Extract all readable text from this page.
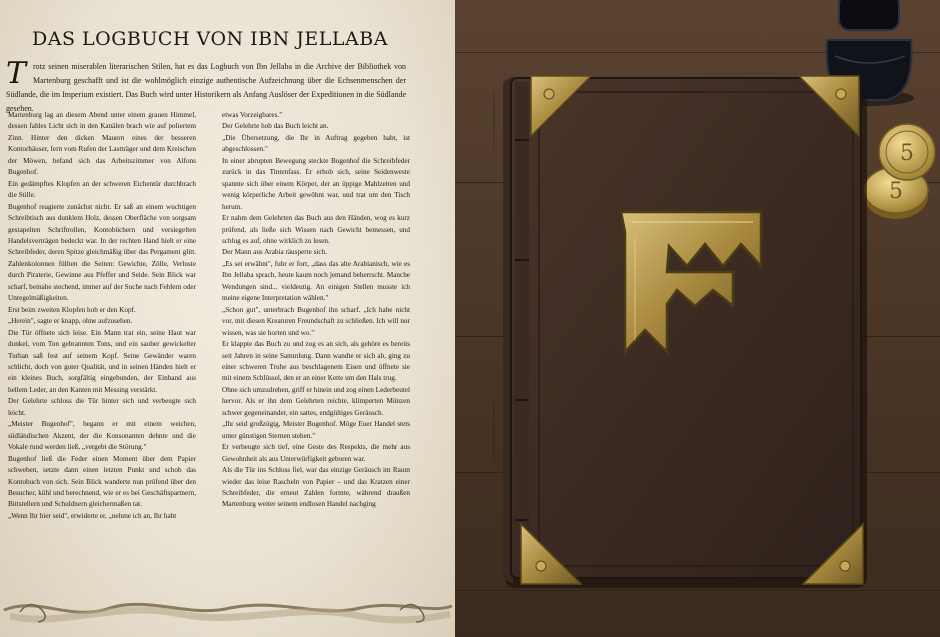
DAS LOGBUCH VON IBN JELLABA
T rotz seinen miserablen literarischen Stilen, hat es das Logbuch von Ibn Jellaba in die Archive der Bibliothek von Martenburg geschafft und ist die wohlmöglich einzige authentische Aufzeichnung über die Echsenmenschen der Südlande, die im Imperium existiert. Das Buch wird unter Historikern als Anfang Auslöser der Expeditionen in die Südlande gesehen.

Martenburg lag an diesem Abend unter einem grauen Himmel, dessen fahles Licht sich in den Kanälen brach wie auf poliertem Zinn. Hinter den dicken Mauern eines der besseren Kontorhäuser, fern vom Rufen der Lastträger und dem Kreischen der Möwen, befand sich das Arbeitszimmer von Alfons Bugenhof.

Ein gedämpftes Klopfen an der schweren Eichentür durchbrach die Stille.

Bugenhof reagierte zunächst nicht. Er saß an einem wuchtigen Schreibtisch aus dunklem Holz, dessen Oberfläche von sorgsam gestapelten Schriftrollen, Kontobüchern und versiegelten Handelsverträgen bedeckt war. In der rechten Hand hielt er eine Schreibfeder, deren Spitze gleichmäßig über das Pergament glitt. Zahlenkolonnen füllten die Seiten: Gewichte, Zölle, Verluste durch Piraterie, Gewinne aus Pfeffer und Seide. Sein Blick war scharf, beinahe stechend, immer auf der Suche nach Fehlern oder Unregelmäßigkeiten.

Erst beim zweiten Klopfen hob er den Kopf.

„Herein", sagte er knapp, ohne aufzusehen.

Die Tür öffnete sich leise. Ein Mann trat ein, seine Haut war dunkel, vom Ton gebrannten Tons, und ein sauber gewickelter Turban saß fest auf seinem Kopf. Seine Gewänder waren schlicht, doch von guter Qualität, und in seinen Händen hielt er ein kleines Buch, sorgfältig eingebunden, der Einband aus hellem Leder, an den Kanten mit Messing verstärkt.

Der Gelehrte schloss die Tür hinter sich und verbeugte sich leicht.

„Meister Bugenhof", begann er mit einem weichen, südländischen Akzent, der die Konsonanten dehnte und die Vokale rund werden ließ, „vergebt die Störung."

Bugenhof ließ die Feder einen Moment über dem Papier schweben, setzte dann einen letzten Punkt und schob das Kontobuch von sich. Sein Blick wanderte nun prüfend über den Besucher, kühl und berechnend, wie er es bei Geschäftspartnern, Bittstellern und Schuldnern gleichermaßen tat.

„Wenn Ihr hier seid", erwiderte er, „nehme ich an, Ihr habt

etwas Vorzeigbares."

Der Gelehrte hob das Buch leicht an.

„Die Übersetzung, die Ihr in Auftrag gegeben habt, ist abgeschlossen."

In einer abrupten Bewegung steckte Bugenhof die Schreibfeder zurück in das Tintenfass. Er erhob sich, seine Seidenweste spannte sich über einem Körper, der an üppige Mahlzeiten und wenig körperliche Arbeit gewöhnt war, und trat um den Tisch herum.

Er nahm dem Gelehrten das Buch aus den Händen, wog es kurz prüfend, als ließe sich Wissen nach Gewicht bemessen, und schlug es auf, ohne wirklich zu lesen.

Der Mann aus Arabia räusperte sich.

„Es sei erwähnt", fuhr er fort, „dass das alte Arabianisch, wie es Ibn Jellaba sprach, heute kaum noch jemand beherrscht. Manche Wendungen sind... vieldeutig. An einigen Stellen musste ich meine eigene Interpretation wählen."

„Schon gut", unterbrach Bugenhof ihn scharf. „Ich habe nicht vor, mit diesen Kreaturen Freundschaft zu schließen. Ich will nur wissen, was sie horten und wo."

Er klappte das Buch zu und zog es an sich, als gehöre es bereits seit Jahren in seine Sammlung. Dann wandte er sich ab, ging zu einer schweren Truhe aus beschlagenem Eisen und öffnete sie mit einem Schlüssel, den er an einer Kette um den Hals trug.

Ohne sich umzudrehen, griff er hinein und zog einen Lederbeutel hervor. Als er ihn dem Gelehrten reichte, klimperten Münzen schwer gegeneinander, ein sattes, endgültiges Geräusch.

„Ihr seid großzügig, Meister Bugenhof. Möge Euer Handel stets unter günstigen Sternen stehen."

Er verbeugte sich tief, eine Geste des Respekts, die mehr aus Gewohnheit als aus Unterwürfigkeit geboren war.

Als die Tür ins Schloss fiel, war das einzige Geräusch im Raum wieder das leise Rascheln von Papier – und das Kratzen einer Schreibfeder, die erneut Zahlen formte, während draußen Martenburg weiter seinem endlosen Handel nachging

5
5
